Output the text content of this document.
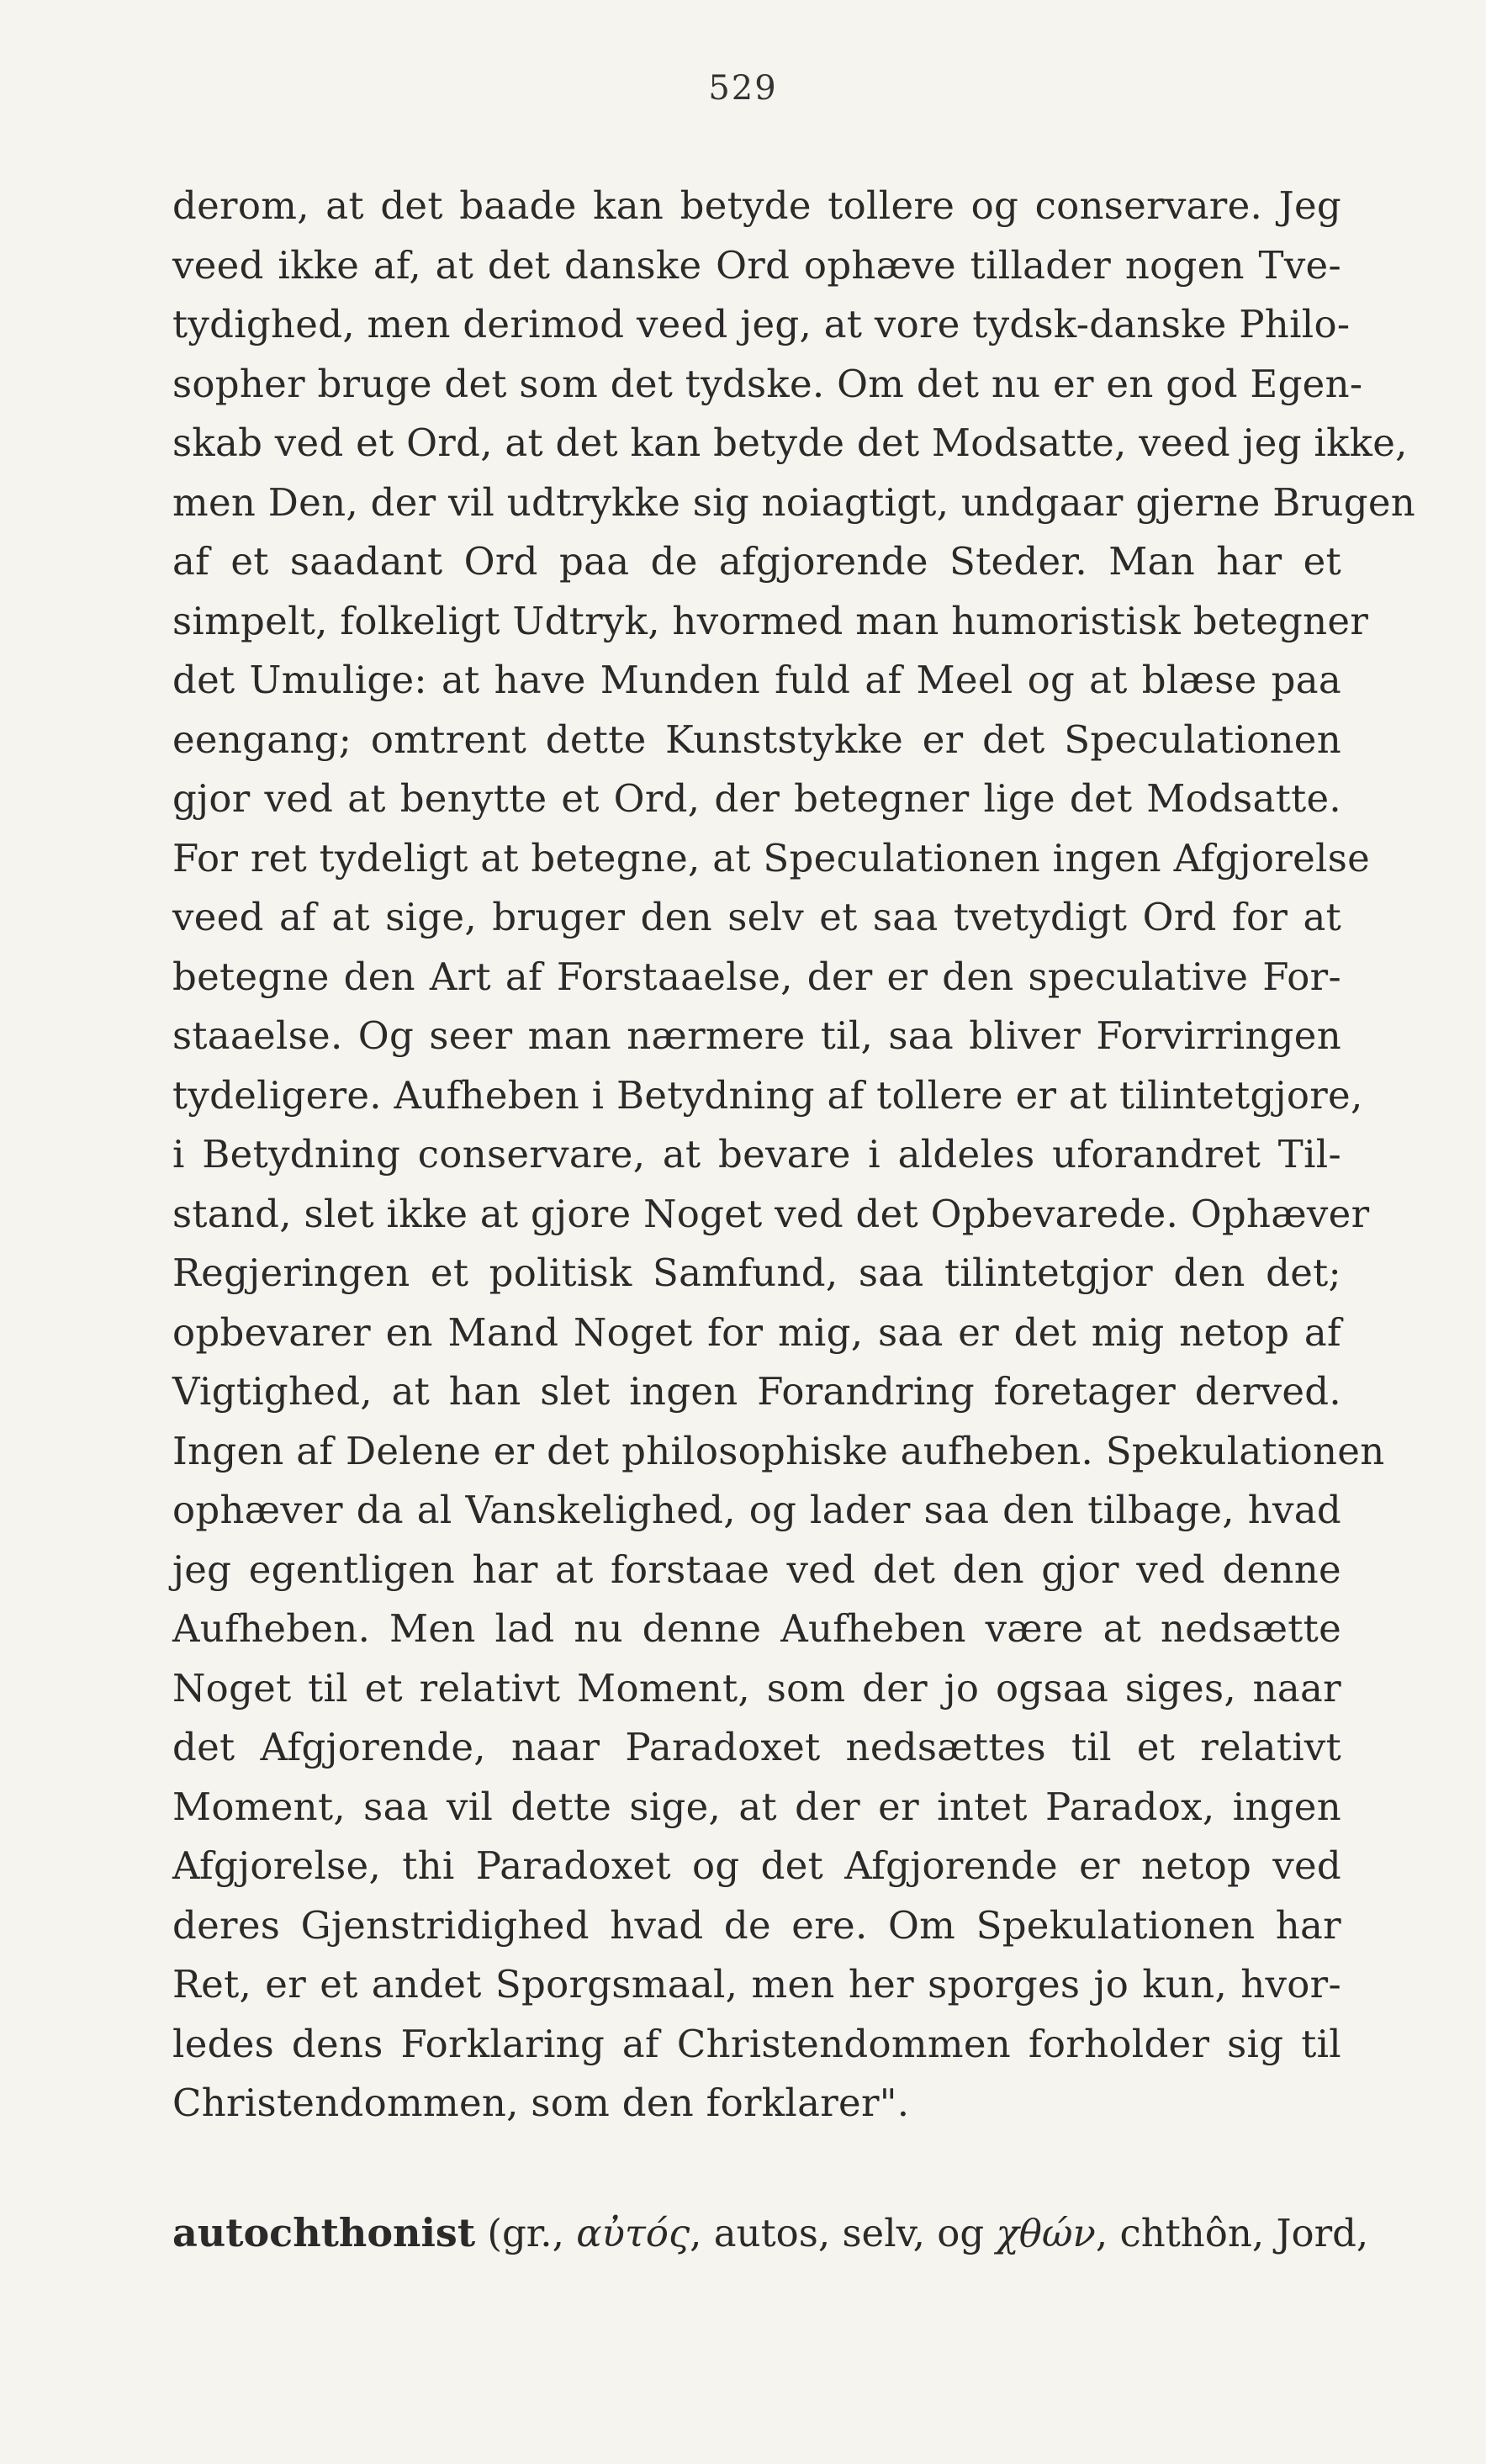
529
derom, at det baade kan betyde tollere og conservare. Jeg
veed ikke af, at det danske Ord ophæve tillader nogen Tve-
tydighed, men derimod veed jeg, at vore tydsk-danske Philo-
sopher bruge det som det tydske. Om det nu er en god Egen-
skab ved et Ord, at det kan betyde det Modsatte, veed jeg ikke,
men Den, der vil udtrykke sig noiagtigt, undgaar gjerne Brugen
af et saadant Ord paa de afgjorende Steder. Man har et
simpelt, folkeligt Udtryk, hvormed man humoristisk betegner
det Umulige: at have Munden fuld af Meel og at blæse paa
eengang; omtrent dette Kunststykke er det Speculationen
gjor ved at benytte et Ord, der betegner lige det Modsatte.
For ret tydeligt at betegne, at Speculationen ingen Afgjorelse
veed af at sige, bruger den selv et saa tvetydigt Ord for at
betegne den Art af Forstaaelse, der er den speculative For-
staaelse. Og seer man nærmere til, saa bliver Forvirringen
tydeligere. Aufheben i Betydning af tollere er at tilintetgjore,
i Betydning conservare, at bevare i aldeles uforandret Til-
stand, slet ikke at gjore Noget ved det Opbevarede. Ophæver
Regjeringen et politisk Samfund, saa tilintetgjor den det;
opbevarer en Mand Noget for mig, saa er det mig netop af
Vigtighed, at han slet ingen Forandring foretager derved.
Ingen af Delene er det philosophiske aufheben. Spekulationen
ophæver da al Vanskelighed, og lader saa den tilbage, hvad
jeg egentligen har at forstaae ved det den gjor ved denne
Aufheben. Men lad nu denne Aufheben være at nedsætte
Noget til et relativt Moment, som der jo ogsaa siges, naar
det Afgjorende, naar Paradoxet nedsættes til et relativt
Moment, saa vil dette sige, at der er intet Paradox, ingen
Afgjorelse, thi Paradoxet og det Afgjorende er netop ved
deres Gjenstridighed hvad de ere. Om Spekulationen har
Ret, er et andet Sporgsmaal, men her sporges jo kun, hvor-
ledes dens Forklaring af Christendommen forholder sig til
Christendommen, som den forklarer".
autochthonist (gr., αὐτός, autos, selv, og χθών, chthôn, Jord,
